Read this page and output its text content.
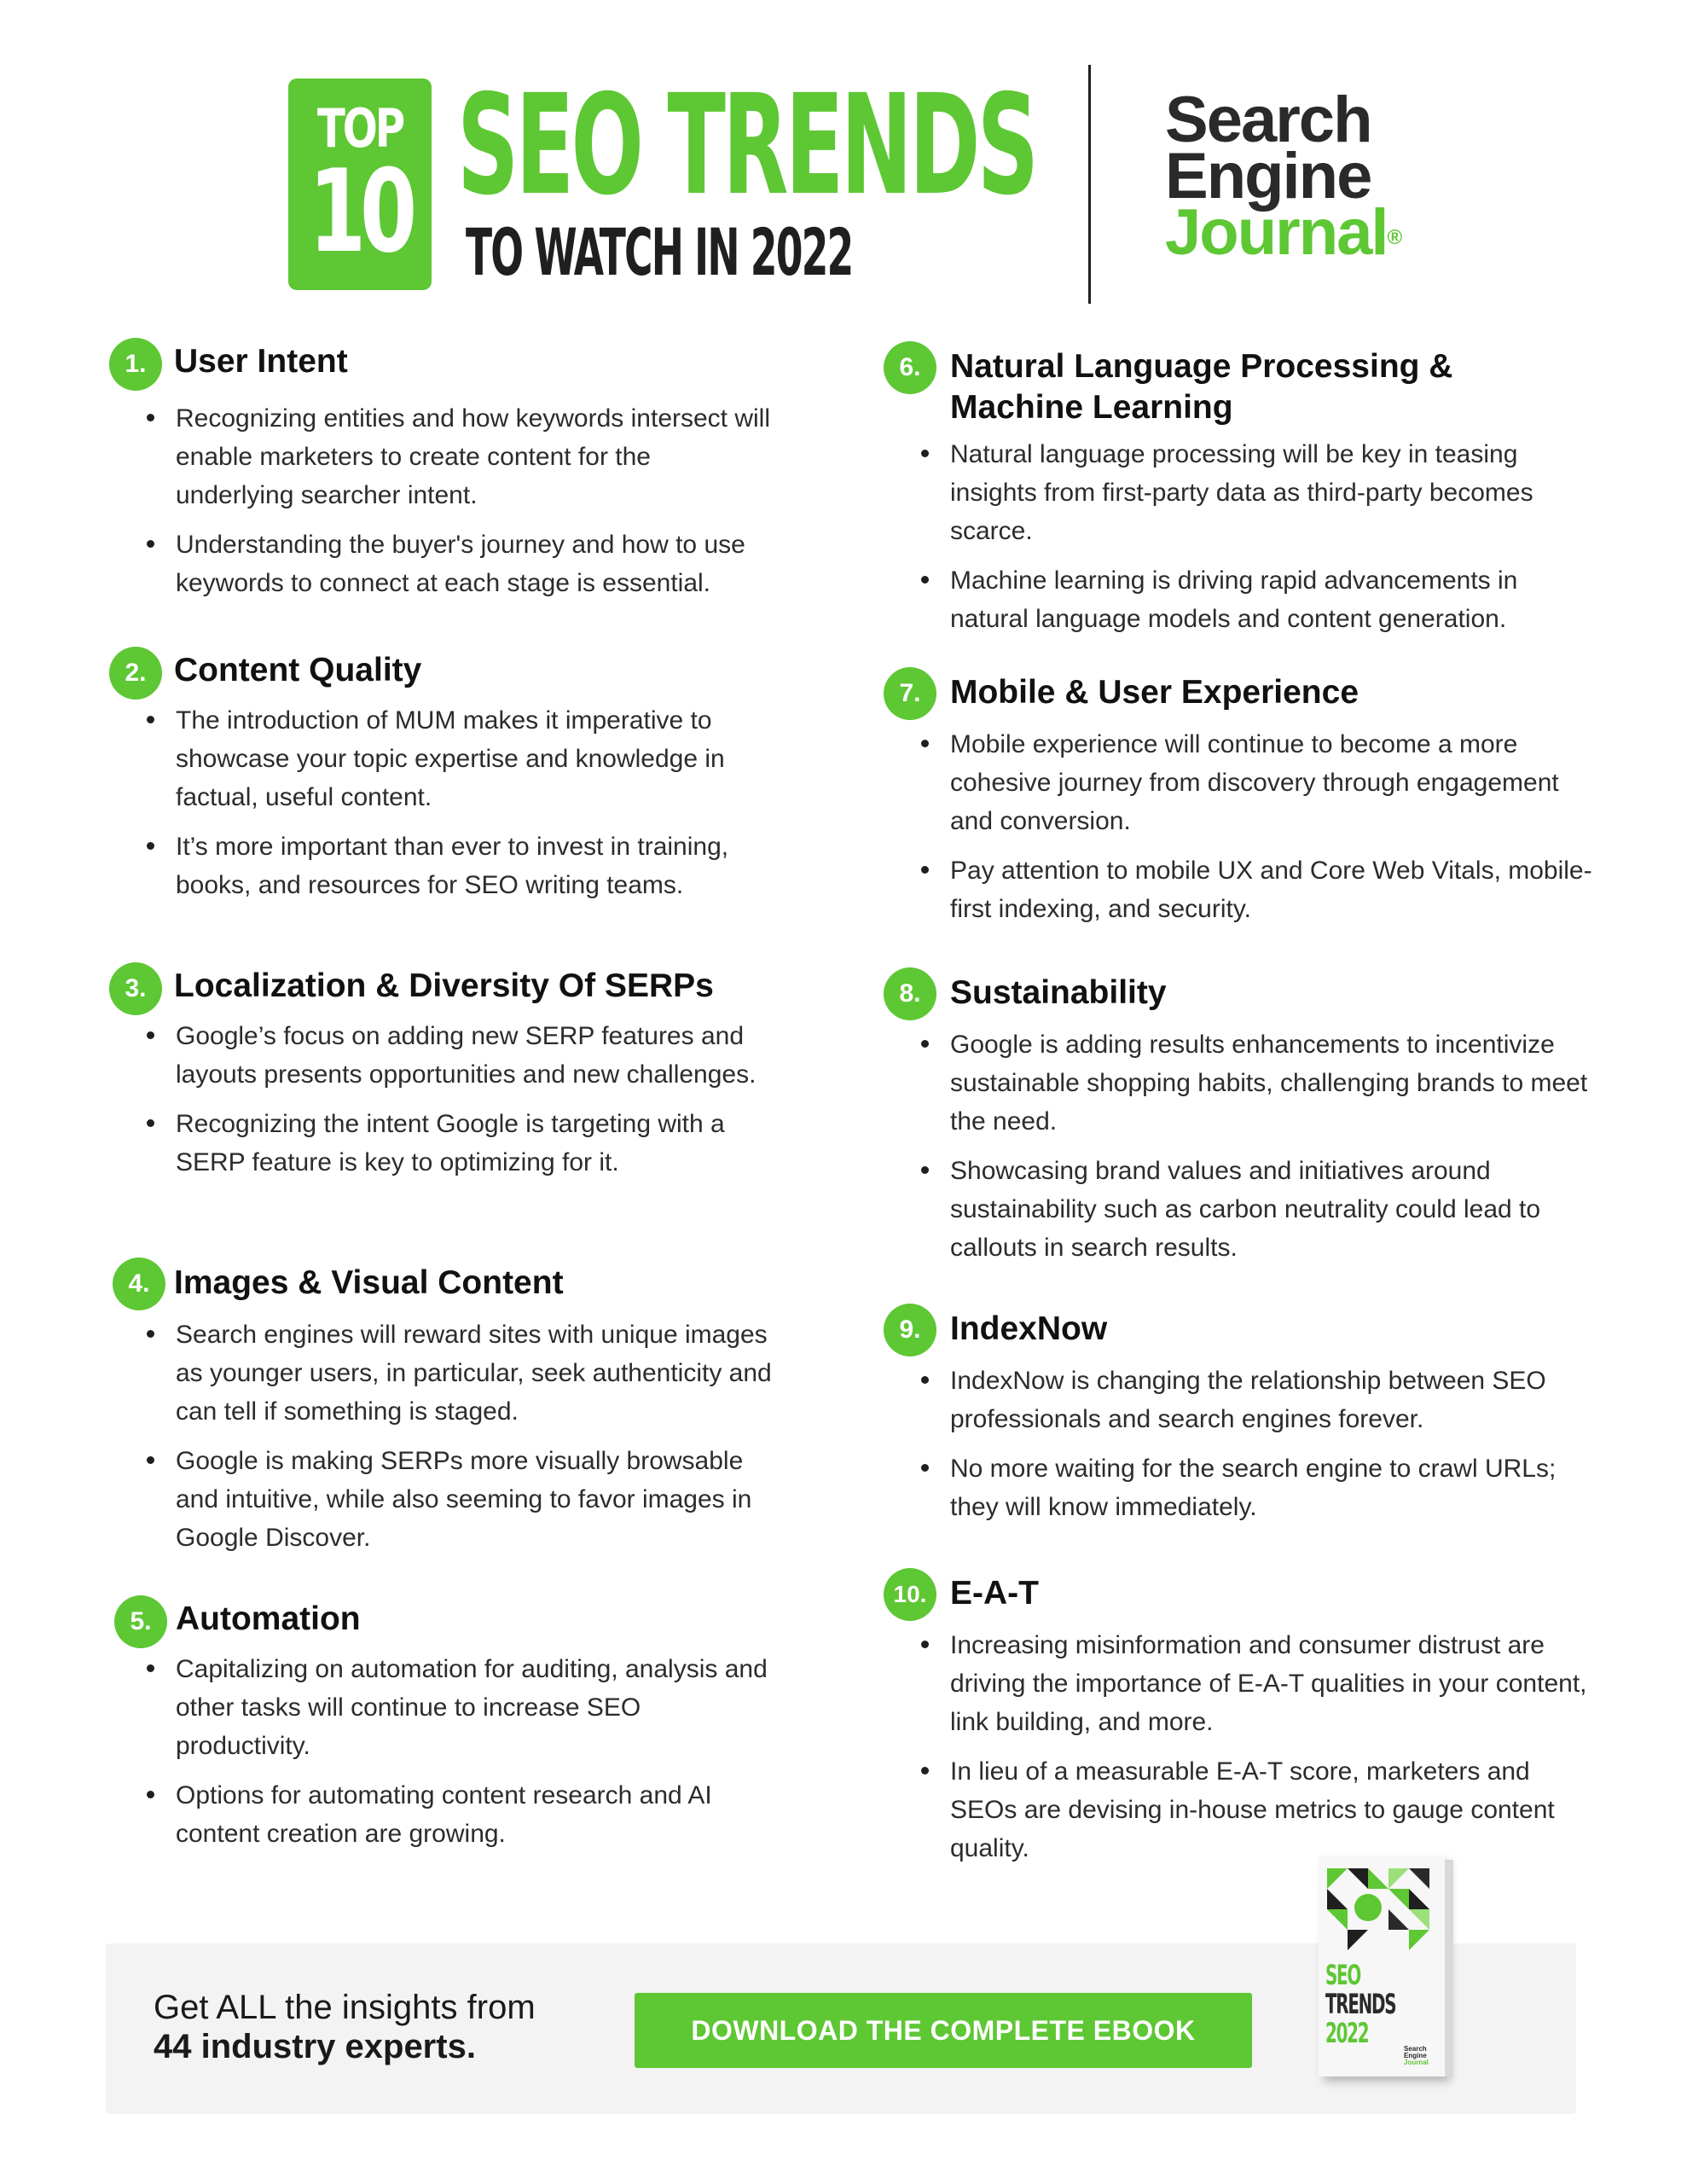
TOP
10 SEO TRENDS
TO WATCH IN 2022
Search
Engine
Journal®
1. User Intent
Recognizing entities and how keywords intersect will enable marketers to create content for the underlying searcher intent.
Understanding the buyer's journey and how to use keywords to connect at each stage is essential.
2. Content Quality
The introduction of MUM makes it imperative to showcase your topic expertise and knowledge in factual, useful content.
It’s more important than ever to invest in training, books, and resources for SEO writing teams.
3. Localization & Diversity Of SERPs
Google’s focus on adding new SERP features and layouts presents opportunities and new challenges.
Recognizing the intent Google is targeting with a SERP feature is key to optimizing for it.
4. Images & Visual Content
Search engines will reward sites with unique images as younger users, in particular, seek authenticity and can tell if something is staged.
Google is making SERPs more visually browsable and intuitive, while also seeming to favor images in Google Discover.
5. Automation
Capitalizing on automation for auditing, analysis and other tasks will continue to increase SEO productivity.
Options for automating content research and AI content creation are growing.
6. Natural Language Processing & Machine Learning
Natural language processing will be key in teasing insights from first-party data as third-party becomes scarce.
Machine learning is driving rapid advancements in natural language models and content generation.
7. Mobile & User Experience
Mobile experience will continue to become a more cohesive journey from discovery through engagement and conversion.
Pay attention to mobile UX and Core Web Vitals, mobile-first indexing, and security.
8. Sustainability
Google is adding results enhancements to incentivize sustainable shopping habits, challenging brands to meet the need.
Showcasing brand values and initiatives around sustainability such as carbon neutrality could lead to callouts in search results.
9. IndexNow
IndexNow is changing the relationship between SEO professionals and search engines forever.
No more waiting for the search engine to crawl URLs; they will know immediately.
10. E-A-T
Increasing misinformation and consumer distrust are driving the importance of E-A-T qualities in your content, link building, and more.
In lieu of a measurable E-A-T score, marketers and SEOs are devising in-house metrics to gauge content quality.
Get ALL the insights from
44 industry experts.	DOWNLOAD THE COMPLETE EBOOK
SEO
TRENDS
2022	Search
Engine
Journal
